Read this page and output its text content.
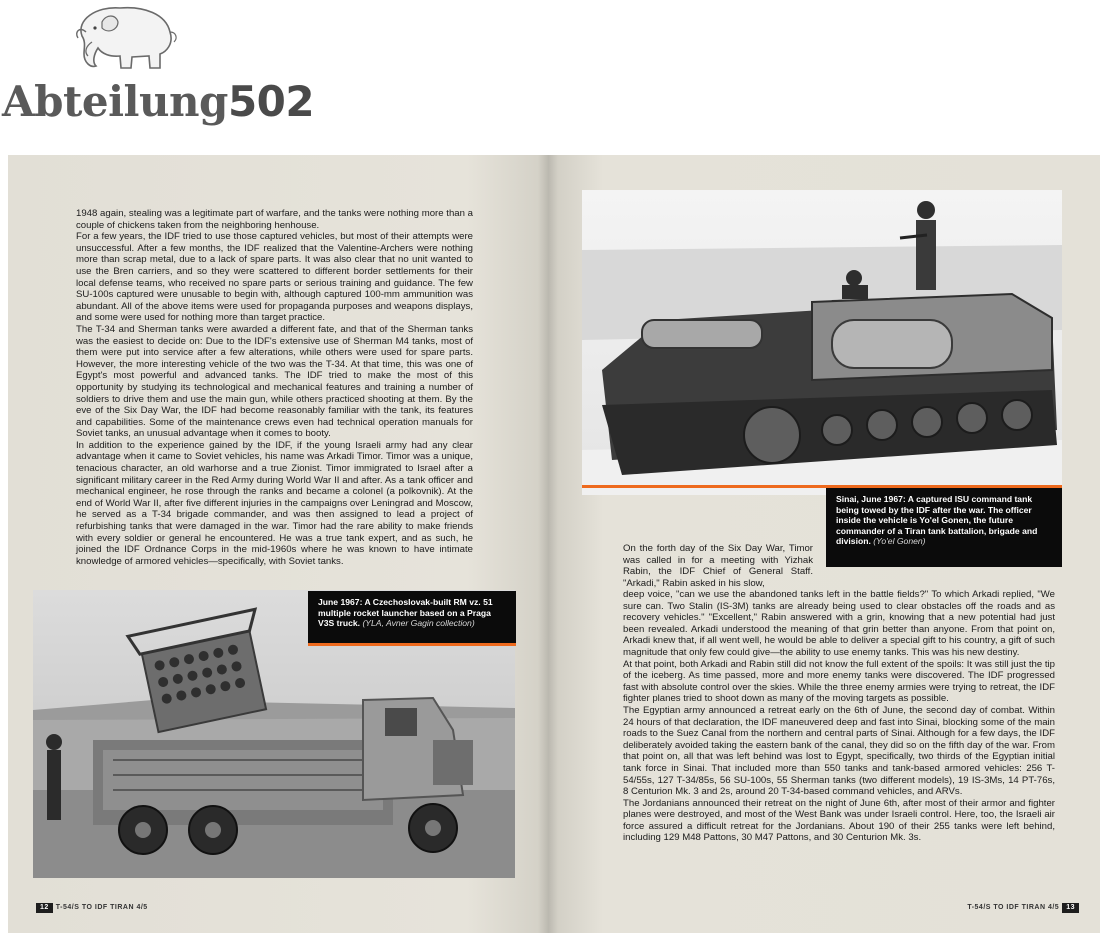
Abteilung502

1948 again, stealing was a legitimate part of warfare, and the tanks were nothing more than a couple of chickens taken from the neighboring henhouse.

For a few years, the IDF tried to use those captured vehicles, but most of their attempts were unsuccessful. After a few months, the IDF realized that the Valentine-Archers were nothing more than scrap metal, due to a lack of spare parts. It was also clear that no unit wanted to use the Bren carriers, and so they were scattered to different border settlements for their local defense teams, who received no spare parts or serious training and guidance. The few SU-100s captured were unusable to begin with, although captured 100-mm ammunition was abundant. All of the above items were used for propaganda purposes and weapons displays, and some were used for nothing more than target practice.

The T-34 and Sherman tanks were awarded a different fate, and that of the Sherman tanks was the easiest to decide on: Due to the IDF's extensive use of Sherman M4 tanks, most of them were put into service after a few alterations, while others were used for spare parts. However, the more interesting vehicle of the two was the T-34. At that time, this was one of Egypt's most powerful and advanced tanks. The IDF tried to make the most of this opportunity by studying its technological and mechanical features and training a number of soldiers to drive them and use the main gun, while others practiced shooting at them. By the eve of the Six Day War, the IDF had become reasonably familiar with the tank, its features and capabilities. Some of the maintenance crews even had technical operation manuals for Soviet tanks, an unusual advantage when it comes to booty.

In addition to the experience gained by the IDF, if the young Israeli army had any clear advantage when it came to Soviet vehicles, his name was Arkadi Timor. Timor was a unique, tenacious character, an old warhorse and a true Zionist. Timor immigrated to Israel after a significant military career in the Red Army during World War II and after. As a tank officer and mechanical engineer, he rose through the ranks and became a colonel (a polkovnik). At the end of World War II, after five different injuries in the campaigns over Leningrad and Moscow, he served as a T-34 brigade commander, and was then assigned to lead a project of refurbishing tanks that were damaged in the war. Timor had the rare ability to make friends with every soldier or general he encountered. He was a true tank expert, and as such, he joined the IDF Ordnance Corps in the mid-1960s where he was known to have intimate knowledge of armored vehicles—specifically, with Soviet tanks.

June 1967: A Czechoslovak-built RM vz. 51 multiple rocket launcher based on a Praga V3S truck. (YLA, Avner Gagin collection)
12 T-54/S TO IDF TIRAN 4/5
Sinai, June 1967: A captured ISU command tank being towed by the IDF after the war. The officer inside the vehicle is Yo'el Gonen, the future commander of a Tiran tank battalion, brigade and division. (Yo'el Gonen)

On the forth day of the Six Day War, Timor was called in for a meeting with Yizhak Rabin, the IDF Chief of General Staff. "Arkadi," Rabin asked in his slow,

deep voice, "can we use the abandoned tanks left in the battle fields?" To which Arkadi replied, "We sure can. Two Stalin (IS-3M) tanks are already being used to clear obstacles off the roads and as recovery vehicles." "Excellent," Rabin answered with a grin, knowing that a new potential had just been revealed. Arkadi understood the meaning of that grin better than anyone. From that point on, Arkadi knew that, if all went well, he would be able to deliver a special gift to his country, a gift of such magnitude that only few could give—the ability to use enemy tanks. This was his new destiny.

At that point, both Arkadi and Rabin still did not know the full extent of the spoils: It was still just the tip of the iceberg. As time passed, more and more enemy tanks were discovered. The IDF progressed fast with absolute control over the skies. While the three enemy armies were trying to retreat, the IDF fighter planes tried to shoot down as many of the moving targets as possible.

The Egyptian army announced a retreat early on the 6th of June, the second day of combat. Within 24 hours of that declaration, the IDF maneuvered deep and fast into Sinai, blocking some of the main roads to the Suez Canal from the northern and central parts of Sinai. Although for a few days, the IDF deliberately avoided taking the eastern bank of the canal, they did so on the fifth day of the war. From that point on, all that was left behind was lost to Egypt, specifically, two thirds of the Egyptian initial tank force in Sinai. That included more than 550 tanks and tank-based armored vehicles: 256 T-54/55s, 127 T-34/85s, 56 SU-100s, 55 Sherman tanks (two different models), 19 IS-3Ms, 14 PT-76s, 8 Centurion Mk. 3 and 2s, around 20 T-34-based command vehicles, and ARVs.

The Jordanians announced their retreat on the night of June 6th, after most of their armor and fighter planes were destroyed, and most of the West Bank was under Israeli control. Here, too, the Israeli air force assured a difficult retreat for the Jordanians. About 190 of their 255 tanks were left behind, including 129 M48 Pattons, 30 M47 Pattons, and 30 Centurion Mk. 3s.

T-54/S TO IDF TIRAN 4/5 13
